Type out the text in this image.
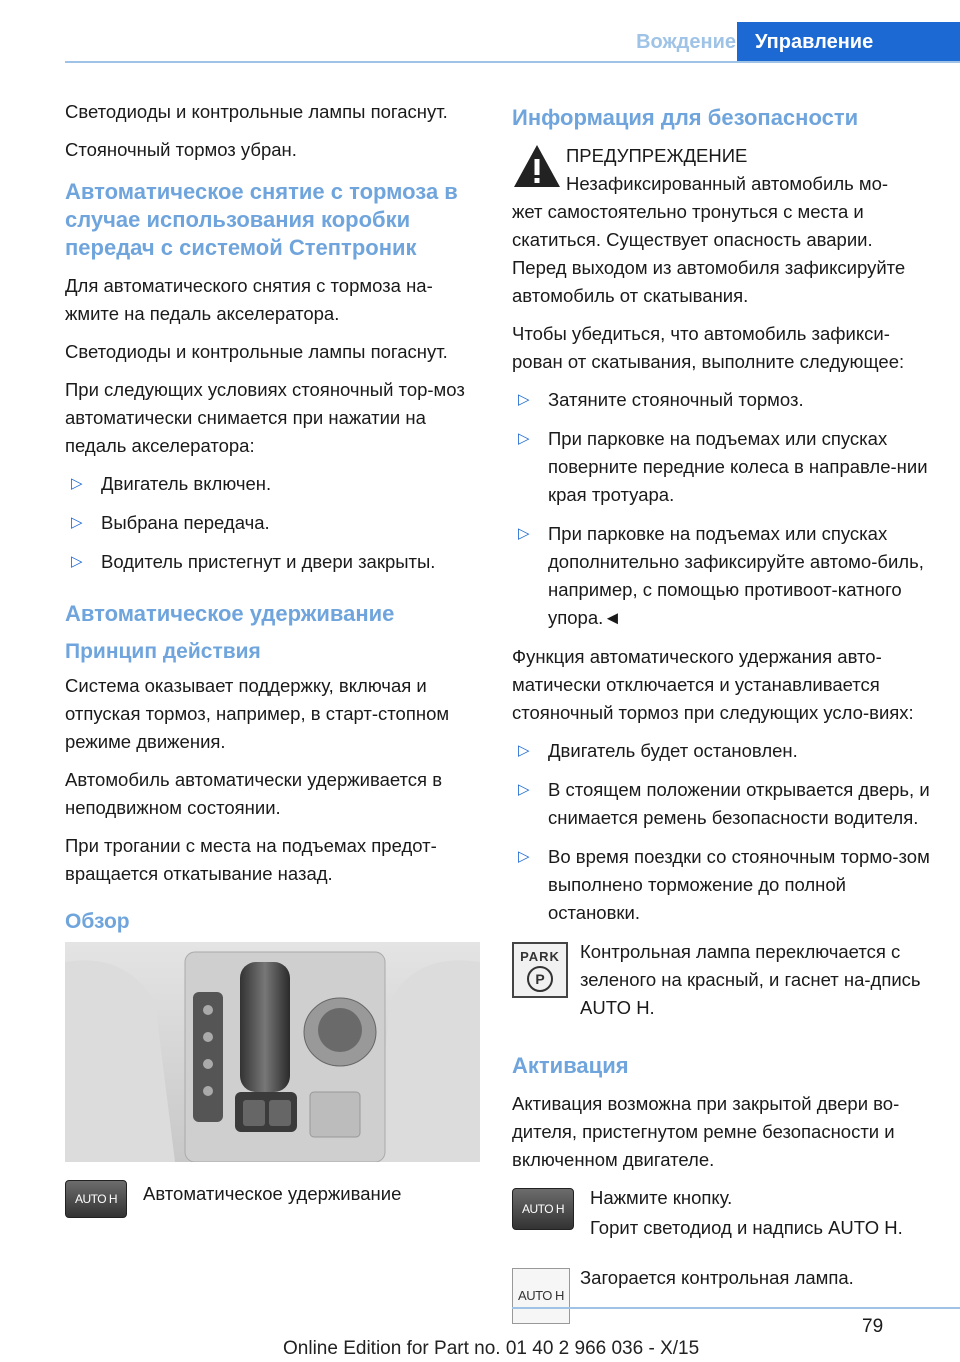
Вождение Управление

Светодиоды и контрольные лампы погаснут.

Стояночный тормоз убран.

Автоматическое снятие с тормоза в случае использования коробки передач с системой Стептроник

Для автоматического снятия с тормоза на-жмите на педаль акселератора.

Светодиоды и контрольные лампы погаснут.

При следующих условиях стояночный тор-моз автоматически снимается при нажатии на педаль акселератора:

▷ Двигатель включен.
▷ Выбрана передача.
▷ Водитель пристегнут и двери закрыты.
Автоматическое удерживание
Принцип действия

Система оказывает поддержку, включая и отпуская тормоз, например, в старт-стопном режиме движения.

Автомобиль автоматически удерживается в неподвижном состоянии.

При трогании с места на подъемах предот-вращается откатывание назад.

Обзор
AUTO H	Автоматическое удерживание

Информация для безопасности

ПРЕДУПРЕЖДЕНИЕ

Незафиксированный автомобиль мо-

жет самостоятельно тронуться с места и скатиться. Существует опасность аварии. Перед выходом из автомобиля зафиксируйте автомобиль от скатывания.

Чтобы убедиться, что автомобиль зафикси-рован от скатывания, выполните следующее:

▷ Затяните стояночный тормоз.
▷ При парковке на подъемах или спусках поверните передние колеса в направле-нии края тротуара.
▷ При парковке на подъемах или спусках дополнительно зафиксируйте автомо-биль, например, с помощью противоот-катного упора.◄

Функция автоматического удержания авто-матически отключается и устанавливается стояночный тормоз при следующих усло-виях:

▷ Двигатель будет остановлен.
▷ В стоящем положении открывается дверь, и снимается ремень безопасности водителя.
▷ Во время поездки со стояночным тормо-зом выполнено торможение до полной остановки.
PARK
P

Контрольная лампа переключается с зеленого на красный, и гаснет на-дпись AUTO H.

Активация

Активация возможна при закрытой двери во-дителя, пристегнутом ремне безопасности и включенном двигателе.

AUTO H

Нажмите кнопку.

Горит светодиод и надпись AUTO H.

AUTO H

Загорается контрольная лампа.

79
Online Edition for Part no. 01 40 2 966 036 - X/15
